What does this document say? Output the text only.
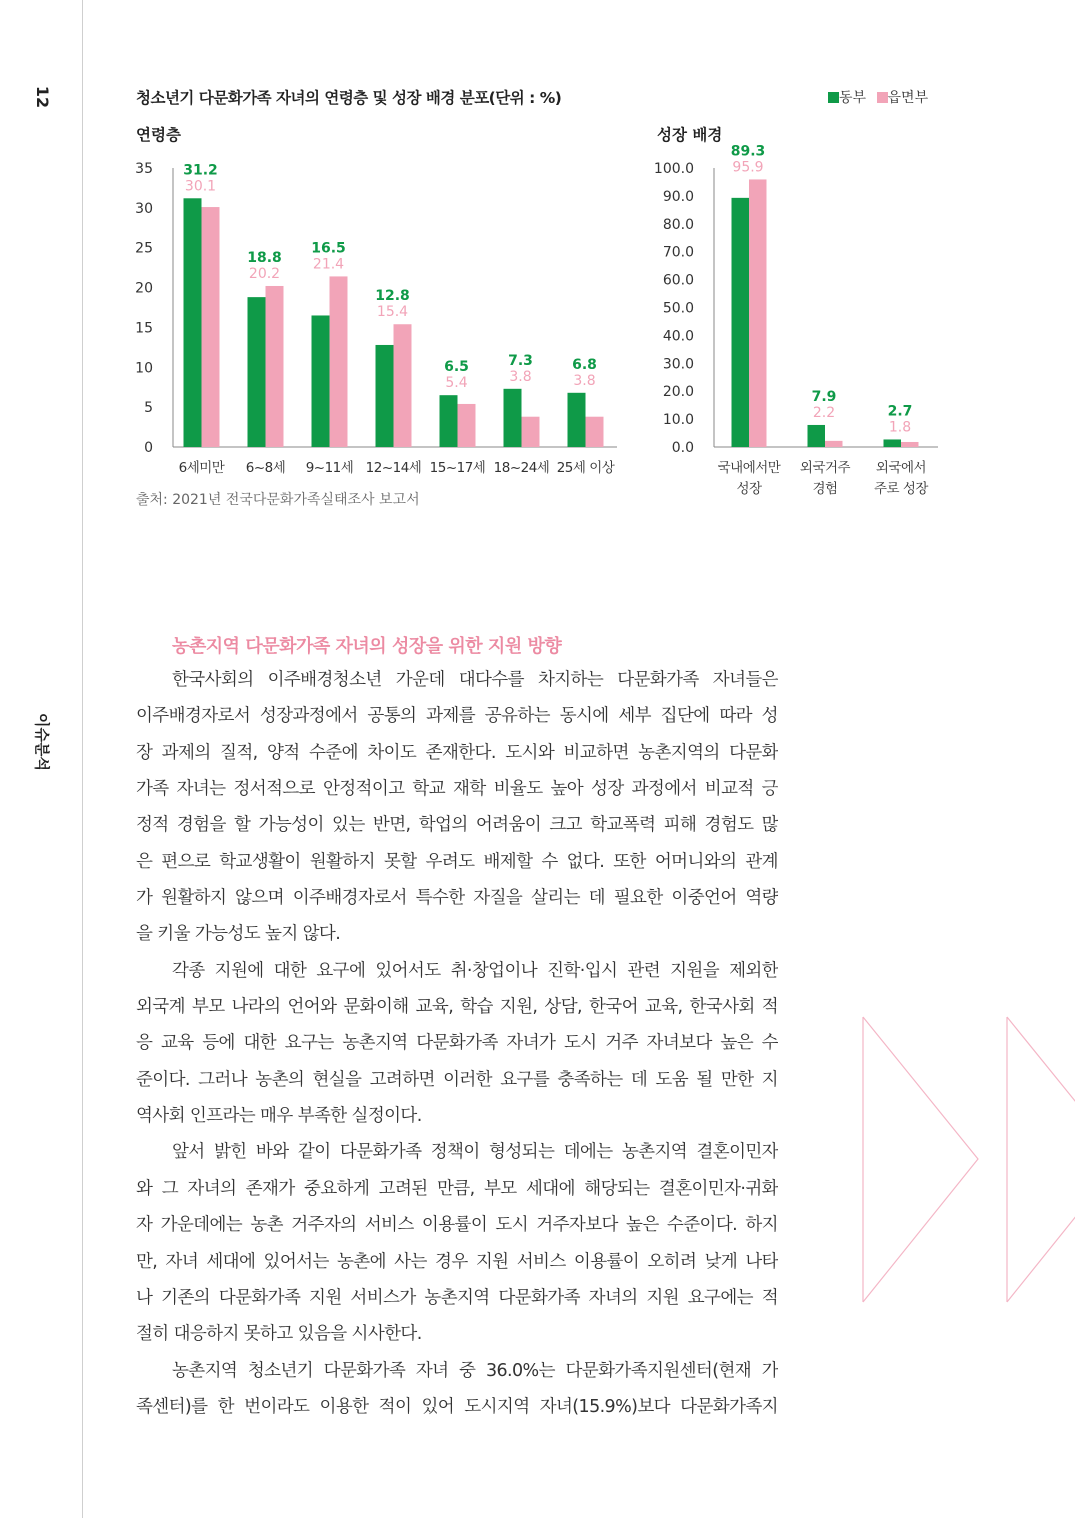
12
이슈분석
청소년기 다문화가족 자녀의 연령층 및 성장 배경 분포(단위 : %)	동부 읍면부
연령층	성장 배경
0
5
10
15
20
25
30
35 31.2
30.1
6세미만
18.8
20.2
6~8세
16.5
21.4
9~11세
12.8
15.4
12~14세
6.5
5.4
15~17세
7.3
3.8
18~24세
6.8
3.8
25세 이상
0.0
10.0
20.0
30.0
40.0
50.0
60.0
70.0
80.0
90.0
100.0
89.3
95.9
국내에서만
성장
7.9
2.2
외국거주
경험
2.7
1.8
외국에서
주로 성장
출처: 2021년 전국다문화가족실태조사 보고서
농촌지역 다문화가족 자녀의 성장을 위한 지원 방향
한국사회의 이주배경청소년 가운데 대다수를 차지하는 다문화가족 자녀들은
이주배경자로서 성장과정에서 공통의 과제를 공유하는 동시에 세부 집단에 따라 성
장 과제의 질적, 양적 수준에 차이도 존재한다. 도시와 비교하면 농촌지역의 다문화
가족 자녀는 정서적으로 안정적이고 학교 재학 비율도 높아 성장 과정에서 비교적 긍
정적 경험을 할 가능성이 있는 반면, 학업의 어려움이 크고 학교폭력 피해 경험도 많
은 편으로 학교생활이 원활하지 못할 우려도 배제할 수 없다. 또한 어머니와의 관계
가 원활하지 않으며 이주배경자로서 특수한 자질을 살리는 데 필요한 이중언어 역량
을 키울 가능성도 높지 않다.
각종 지원에 대한 요구에 있어서도 취·창업이나 진학·입시 관련 지원을 제외한
외국계 부모 나라의 언어와 문화이해 교육, 학습 지원, 상담, 한국어 교육, 한국사회 적
응 교육 등에 대한 요구는 농촌지역 다문화가족 자녀가 도시 거주 자녀보다 높은 수
준이다. 그러나 농촌의 현실을 고려하면 이러한 요구를 충족하는 데 도움 될 만한 지
역사회 인프라는 매우 부족한 실정이다.
앞서 밝힌 바와 같이 다문화가족 정책이 형성되는 데에는 농촌지역 결혼이민자
와 그 자녀의 존재가 중요하게 고려된 만큼, 부모 세대에 해당되는 결혼이민자·귀화
자 가운데에는 농촌 거주자의 서비스 이용률이 도시 거주자보다 높은 수준이다. 하지
만, 자녀 세대에 있어서는 농촌에 사는 경우 지원 서비스 이용률이 오히려 낮게 나타
나 기존의 다문화가족 지원 서비스가 농촌지역 다문화가족 자녀의 지원 요구에는 적
절히 대응하지 못하고 있음을 시사한다.
농촌지역 청소년기 다문화가족 자녀 중 36.0%는 다문화가족지원센터(현재 가
족센터)를 한 번이라도 이용한 적이 있어 도시지역 자녀(15.9%)보다 다문화가족지
